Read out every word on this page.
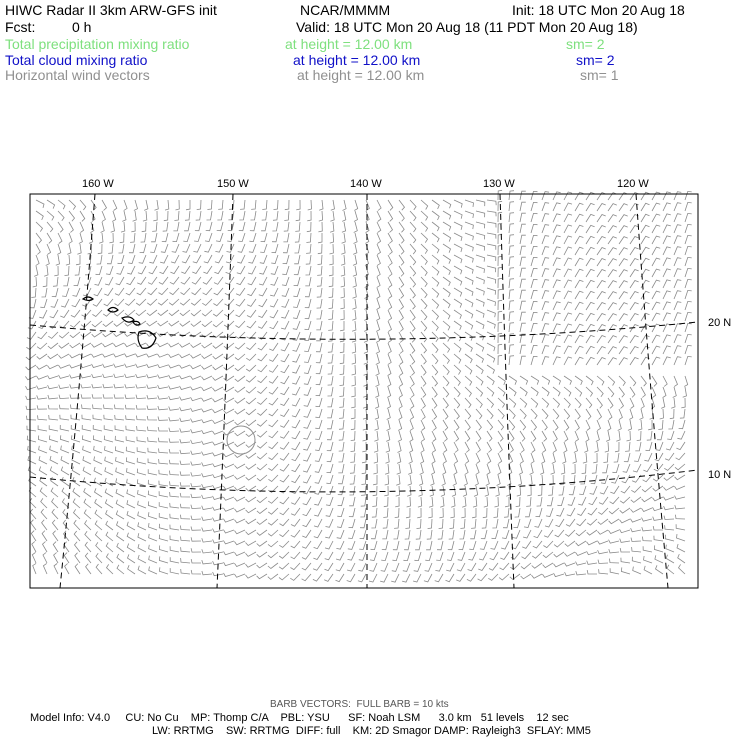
HIWC Radar II 3km ARW-GFS init	NCAR/MMMM	Init: 18 UTC Mon 20 Aug 18
Fcst:	0 h	Valid: 18 UTC Mon 20 Aug 18 (11 PDT Mon 20 Aug 18)
Total precipitation mixing ratio	at height = 12.00 km	sm= 2
Total cloud mixing ratio	at height = 12.00 km	sm= 2
Horizontal wind vectors	at height = 12.00 km	sm= 1
160 W	150 W	140 W	130 W	120 W
20 N
10 N
BARB VECTORS:  FULL BARB = 10 kts
Model Info: V4.0     CU: No Cu    MP: Thomp C/A    PBL: YSU      SF: Noah LSM      3.0 km   51 levels    12 sec
LW: RRTMG    SW: RRTMG  DIFF: full    KM: 2D Smagor DAMP: Rayleigh3  SFLAY: MM5
